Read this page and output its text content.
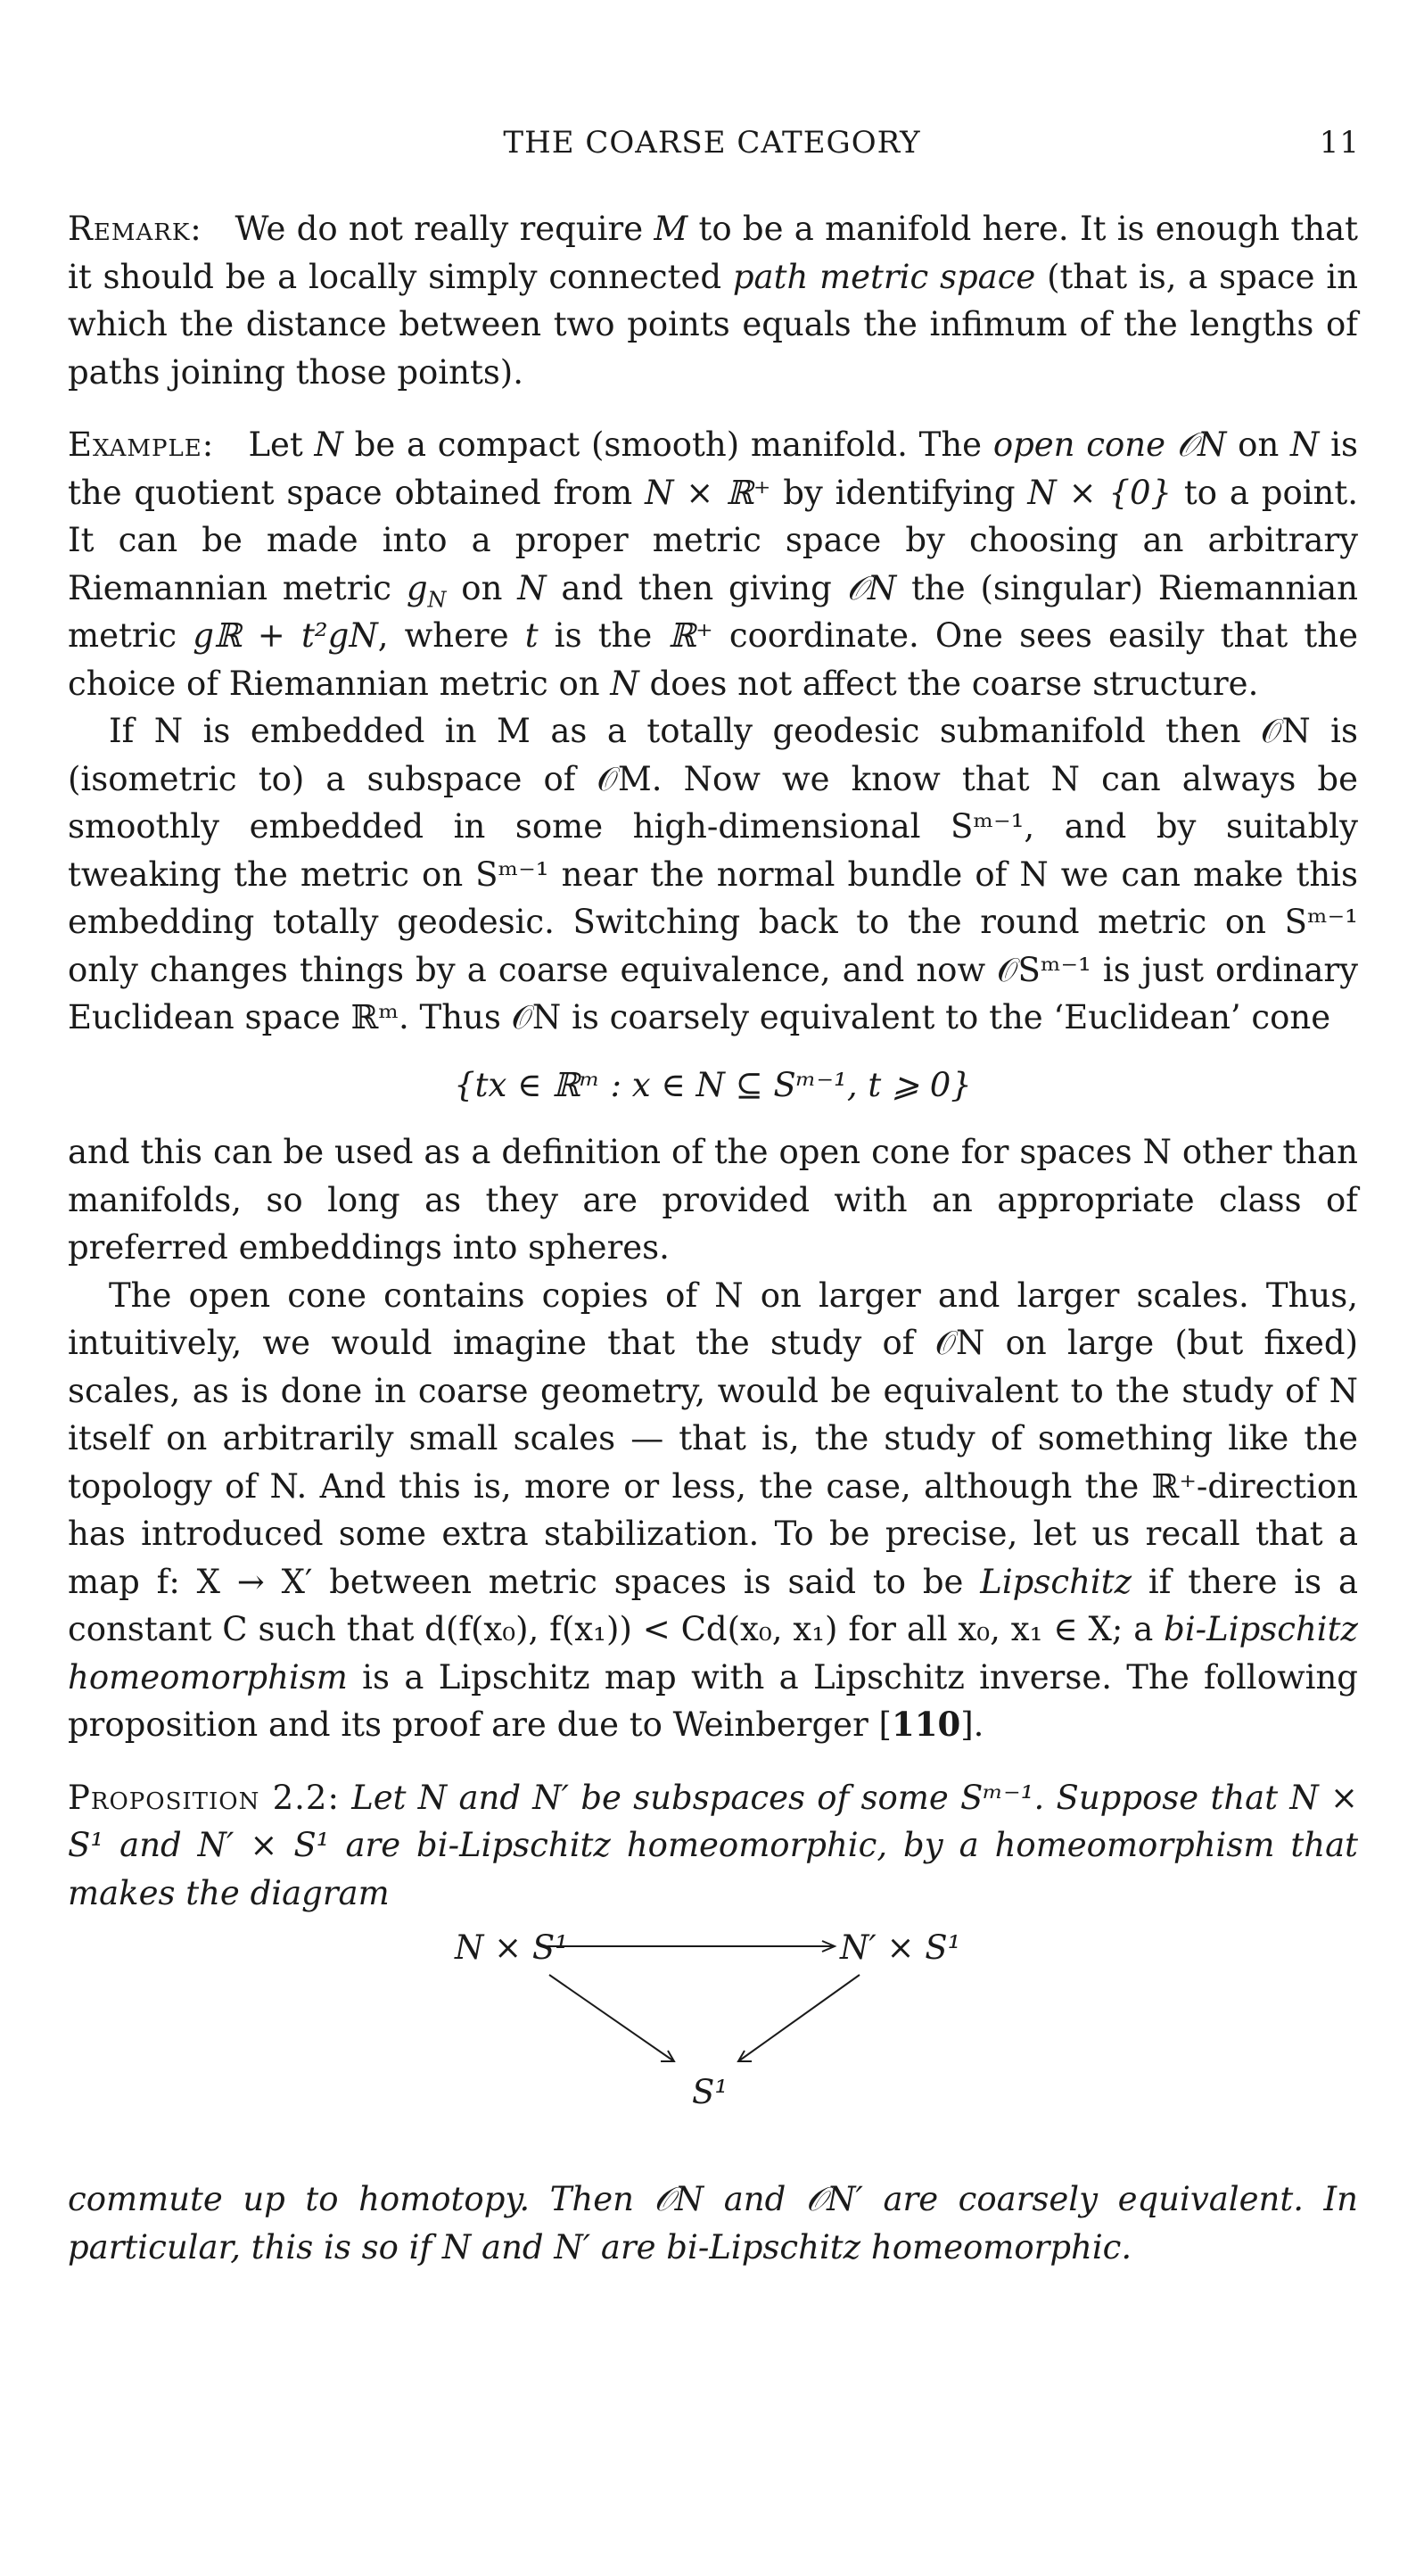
THE COARSE CATEGORY	11

Remark: We do not really require M to be a manifold here. It is enough that it should be a locally simply connected path metric space (that is, a space in which the distance between two points equals the infimum of the lengths of paths joining those points).

Example: Let N be a compact (smooth) manifold. The open cone 𝒪N on N is the quotient space obtained from N × ℝ⁺ by identifying N × {0} to a point. It can be made into a proper metric space by choosing an arbitrary Riemannian metric $g_N$ on N and then giving 𝒪N the (singular) Riemannian metric gℝ + t²gN, where t is the ℝ⁺ coordinate. One sees easily that the choice of Riemannian metric on N does not affect the coarse structure.

If N is embedded in M as a totally geodesic submanifold then 𝒪N is (isometric to) a subspace of 𝒪M. Now we know that N can always be smoothly embedded in some high-dimensional Sᵐ⁻¹, and by suitably tweaking the metric on Sᵐ⁻¹ near the normal bundle of N we can make this embedding totally geodesic. Switching back to the round metric on Sᵐ⁻¹ only changes things by a coarse equivalence, and now 𝒪Sᵐ⁻¹ is just ordinary Euclidean space ℝᵐ. Thus 𝒪N is coarsely equivalent to the ‘Euclidean’ cone

{tx ∈ ℝᵐ : x ∈ N ⊆ Sᵐ⁻¹, t ⩾ 0}

and this can be used as a definition of the open cone for spaces N other than manifolds, so long as they are provided with an appropriate class of preferred embeddings into spheres.

The open cone contains copies of N on larger and larger scales. Thus, intuitively, we would imagine that the study of 𝒪N on large (but fixed) scales, as is done in coarse geometry, would be equivalent to the study of N itself on arbitrarily small scales — that is, the study of something like the topology of N. And this is, more or less, the case, although the ℝ⁺-direction has introduced some extra stabilization. To be precise, let us recall that a map f: X → X′ between metric spaces is said to be Lipschitz if there is a constant C such that d(f(x₀), f(x₁)) < Cd(x₀, x₁) for all x₀, x₁ ∈ X; a bi-Lipschitz homeomorphism is a Lipschitz map with a Lipschitz inverse. The following proposition and its proof are due to Weinberger [110].

Proposition 2.2: Let N and N′ be subspaces of some Sᵐ⁻¹. Suppose that N × S¹ and N′ × S¹ are bi-Lipschitz homeomorphic, by a homeomorphism that makes the diagram

N × S¹	N′ × S¹
S¹

commute up to homotopy. Then 𝒪N and 𝒪N′ are coarsely equivalent. In particular, this is so if N and N′ are bi-Lipschitz homeomorphic.
